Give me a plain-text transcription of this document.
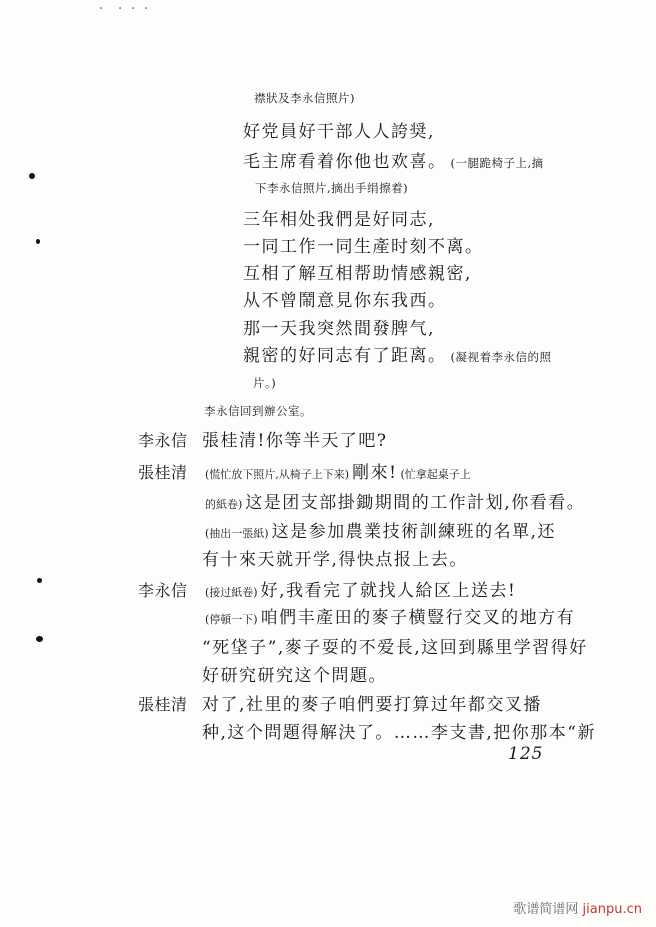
・ ・・・
襟狀及李永信照片)
好党員好干部人人誇奨,
毛主席看着你他也欢喜。 (一腿跪椅子上,摘
下李永信照片,摘出手绢擦着)
三年相处我們是好同志,
一同工作一同生產时刻不离。
互相了解互相帮助情感親密,
从不曾鬧意見你东我西。
那一天我突然間發脾气,
親密的好同志有了距离。 (凝视着李永信的照
片。)
李永信回到辦公室。
李永信 張桂清!你等半天了吧?
張桂清 (慌忙放下照片,从椅子上下来) 剛來! (忙拿起桌子上
的紙卷) 这是团支部掛鋤期間的工作計划,你看看。
(抽出一張紙) 这是参加農業技術訓練班的名單,还
有十來天就开学,得快点报上去。
李永信 (接过紙卷) 好,我看完了就找人給区上送去!
(停頓一下) 咱們丰產田的麥子横豎行交叉的地方有
“死垡子”,麥子耍的不爱長,这回到縣里学習得好
好研究研究这个問題。
張桂清 对了,社里的麥子咱們要打算过年都交叉播
种,这个問題得解決了。……李支書,把你那本“新
125
歌谱简谱网 jianpu.cn
